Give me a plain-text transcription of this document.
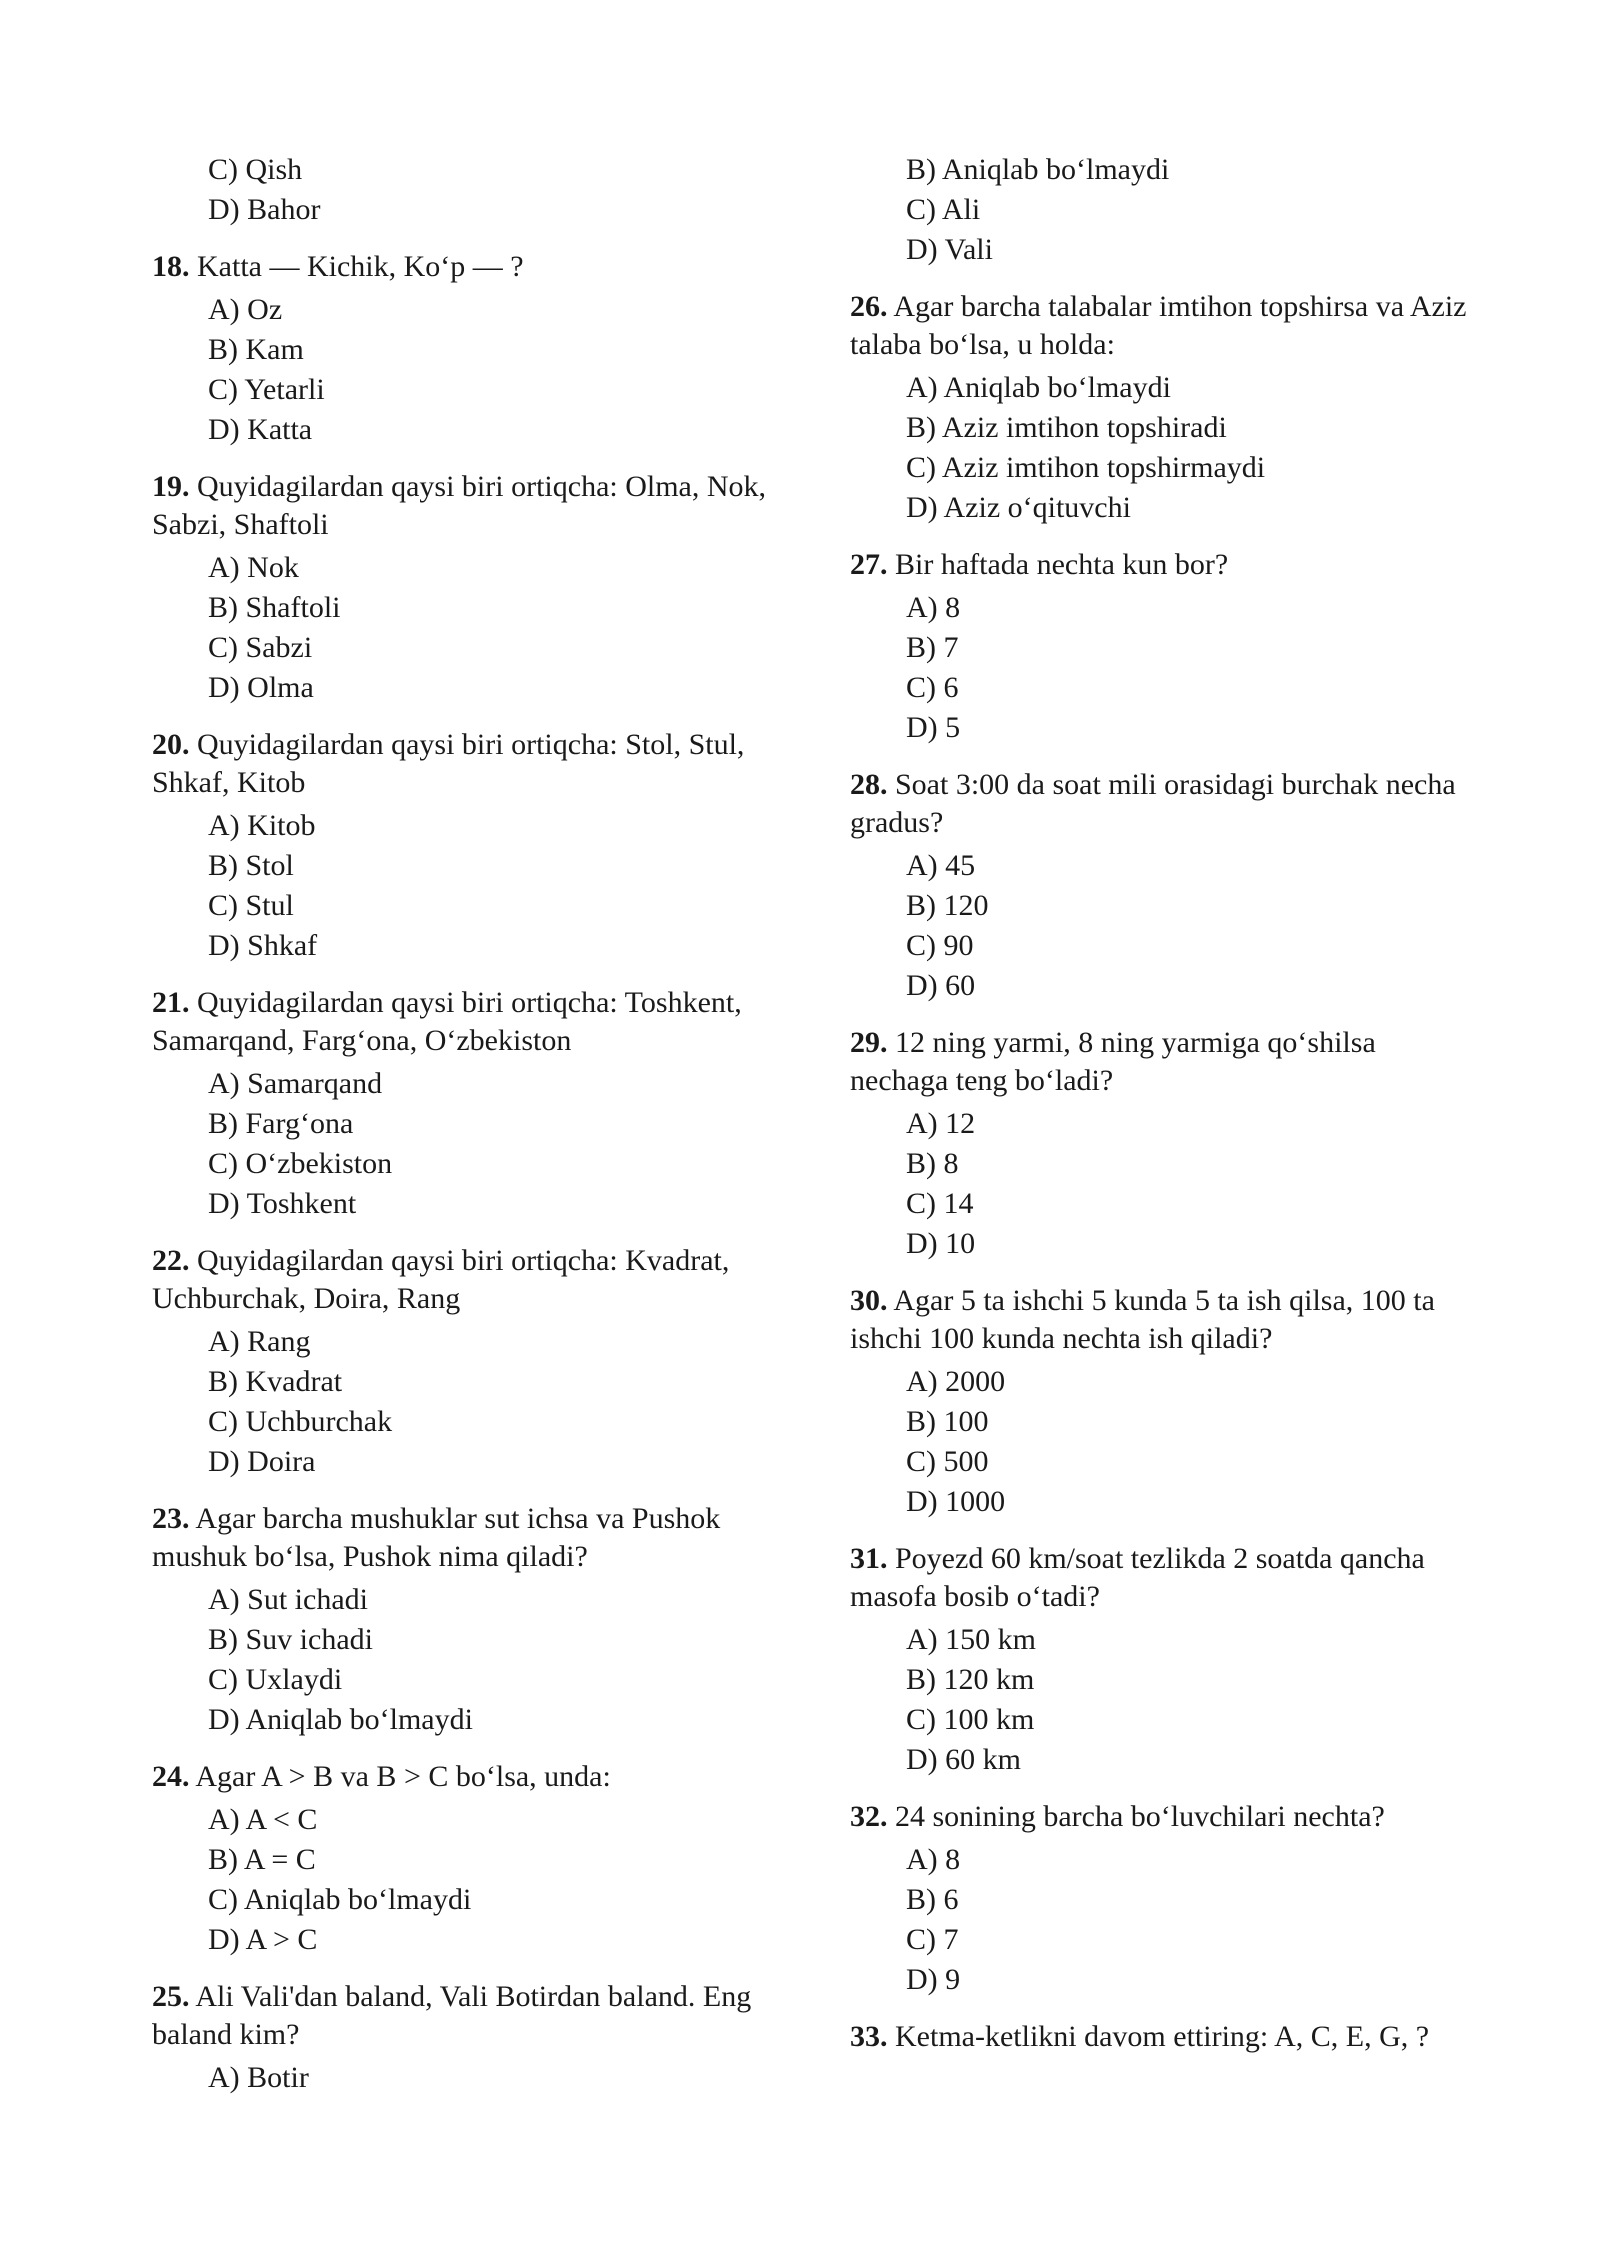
C) Qish
D) Bahor

18. Katta — Kichik, Ko‘p — ?

A) Oz
B) Kam
C) Yetarli
D) Katta

19. Quyidagilardan qaysi biri ortiqcha: Olma, Nok, Sabzi, Shaftoli

A) Nok
B) Shaftoli
C) Sabzi
D) Olma

20. Quyidagilardan qaysi biri ortiqcha: Stol, Stul, Shkaf, Kitob

A) Kitob
B) Stol
C) Stul
D) Shkaf

21. Quyidagilardan qaysi biri ortiqcha: Toshkent, Samarqand, Farg‘ona, O‘zbekiston

A) Samarqand
B) Farg‘ona
C) O‘zbekiston
D) Toshkent

22. Quyidagilardan qaysi biri ortiqcha: Kvadrat, Uchburchak, Doira, Rang

A) Rang
B) Kvadrat
C) Uchburchak
D) Doira

23. Agar barcha mushuklar sut ichsa va Pushok mushuk bo‘lsa, Pushok nima qiladi?

A) Sut ichadi
B) Suv ichadi
C) Uxlaydi
D) Aniqlab bo‘lmaydi

24. Agar A > B va B > C bo‘lsa, unda:

A) A < C
B) A = C
C) Aniqlab bo‘lmaydi
D) A > C

25. Ali Vali'dan baland, Vali Botirdan baland. Eng baland kim?

A) Botir
B) Aniqlab bo‘lmaydi
C) Ali
D) Vali

26. Agar barcha talabalar imtihon topshirsa va Aziz talaba bo‘lsa, u holda:

A) Aniqlab bo‘lmaydi
B) Aziz imtihon topshiradi
C) Aziz imtihon topshirmaydi
D) Aziz o‘qituvchi

27. Bir haftada nechta kun bor?

A) 8
B) 7
C) 6
D) 5

28. Soat 3:00 da soat mili orasidagi burchak necha gradus?

A) 45
B) 120
C) 90
D) 60

29. 12 ning yarmi, 8 ning yarmiga qo‘shilsa nechaga teng bo‘ladi?

A) 12
B) 8
C) 14
D) 10

30. Agar 5 ta ishchi 5 kunda 5 ta ish qilsa, 100 ta ishchi 100 kunda nechta ish qiladi?

A) 2000
B) 100
C) 500
D) 1000

31. Poyezd 60 km/soat tezlikda 2 soatda qancha masofa bosib o‘tadi?

A) 150 km
B) 120 km
C) 100 km
D) 60 km

32. 24 sonining barcha bo‘luvchilari nechta?

A) 8
B) 6
C) 7
D) 9

33. Ketma-ketlikni davom ettiring: A, C, E, G, ?
